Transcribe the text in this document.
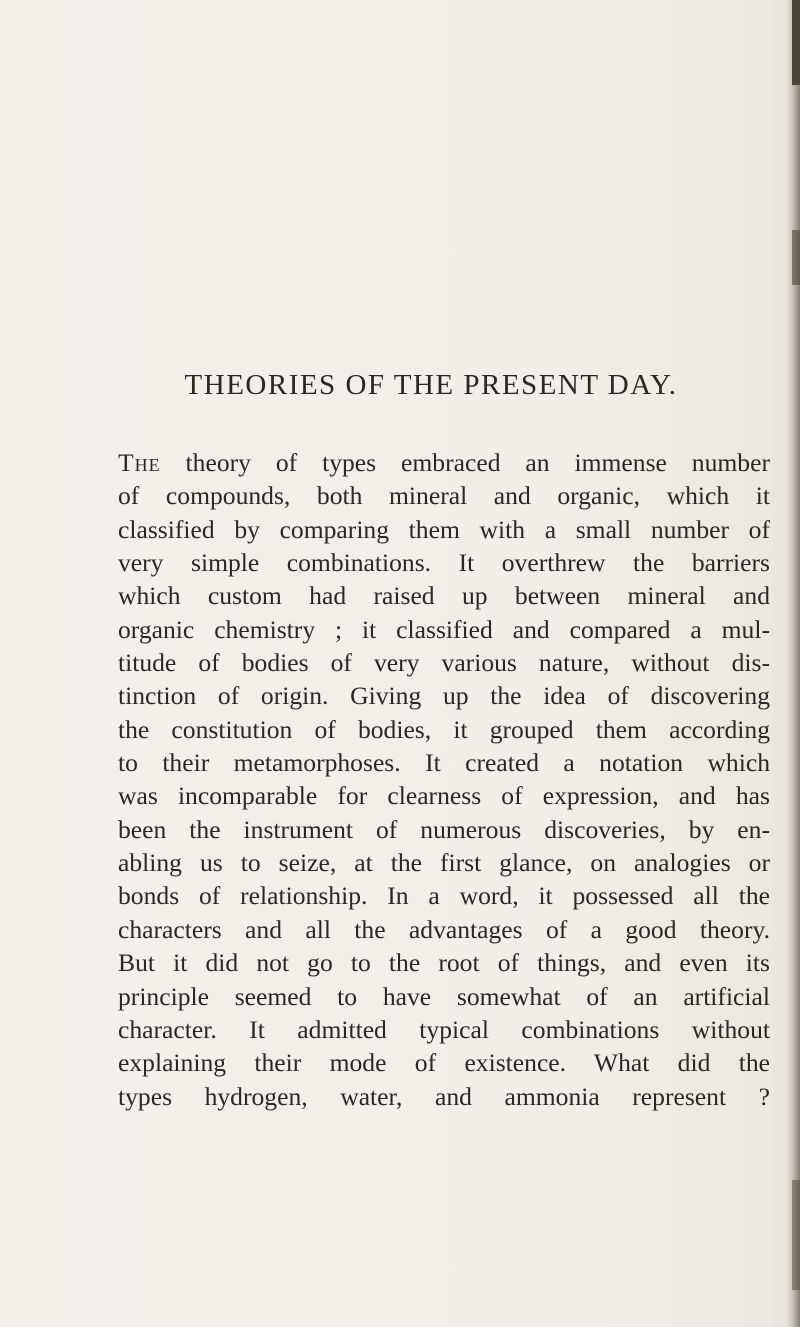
THEORIES OF THE PRESENT DAY.
The theory of types embraced an immense number
of compounds, both mineral and organic, which it
classified by comparing them with a small number of
very simple combinations. It overthrew the barriers
which custom had raised up between mineral and
organic chemistry ; it classified and compared a mul-
titude of bodies of very various nature, without dis-
tinction of origin. Giving up the idea of discovering
the constitution of bodies, it grouped them according
to their metamorphoses. It created a notation which
was incomparable for clearness of expression, and has
been the instrument of numerous discoveries, by en-
abling us to seize, at the first glance, on analogies or
bonds of relationship. In a word, it possessed all the
characters and all the advantages of a good theory.
But it did not go to the root of things, and even its
principle seemed to have somewhat of an artificial
character. It admitted typical combinations without
explaining their mode of existence. What did the
types hydrogen, water, and ammonia represent ?
